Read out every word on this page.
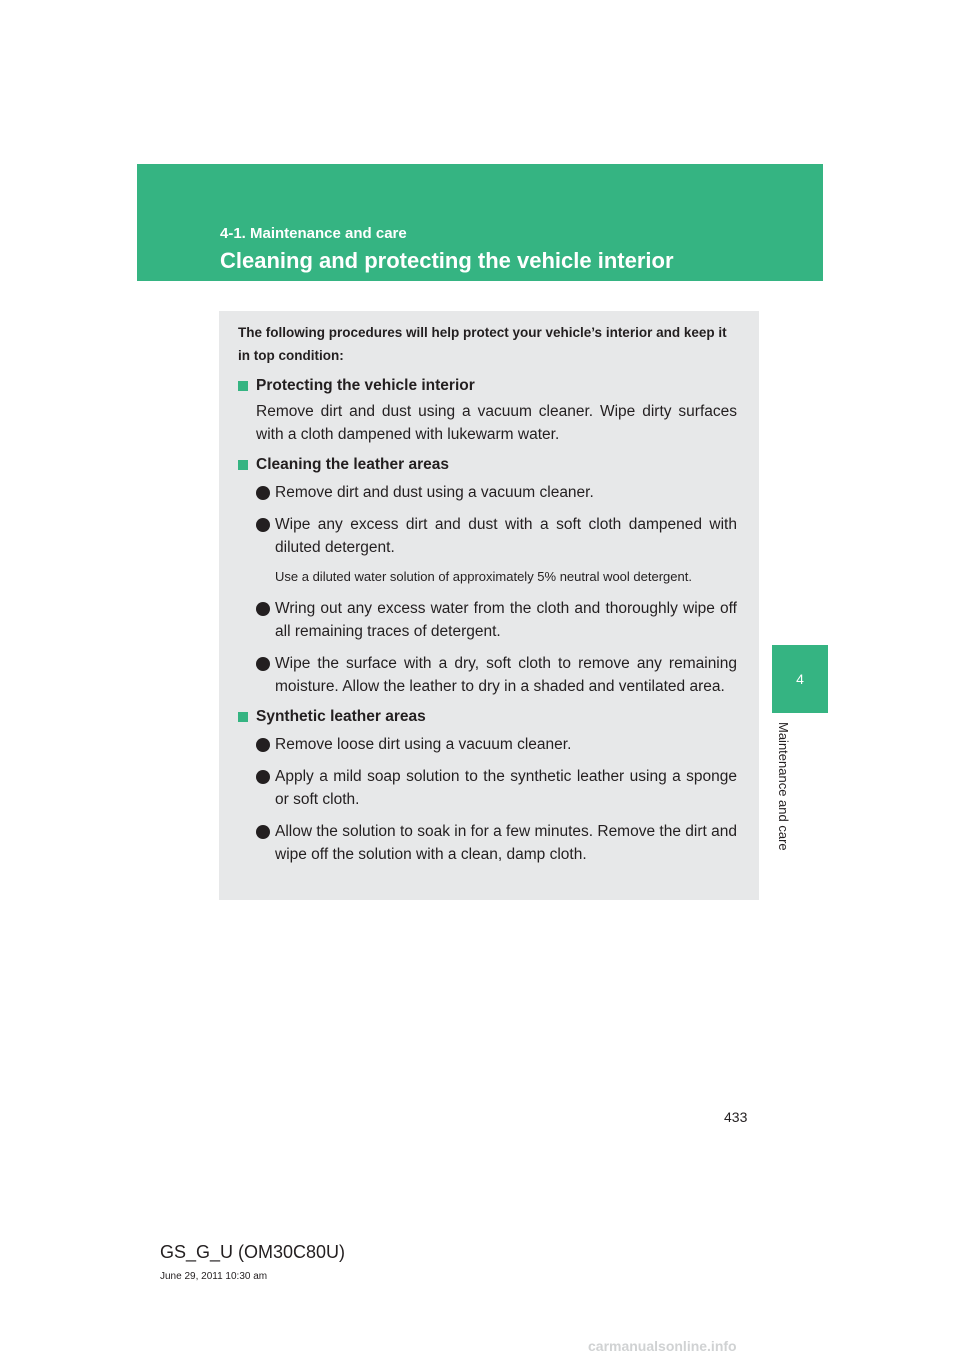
4-1. Maintenance and care
Cleaning and protecting the vehicle interior
4
Maintenance and care

The following procedures will help protect your vehicle’s interior and keep it in top condition:

Protecting the vehicle interior

Remove dirt and dust using a vacuum cleaner. Wipe dirty surfaces with a cloth dampened with lukewarm water.

Cleaning the leather areas
Remove dirt and dust using a vacuum cleaner.
Wipe any excess dirt and dust with a soft cloth dampened with diluted detergent.

Use a diluted water solution of approximately 5% neutral wool detergent.

Wring out any excess water from the cloth and thoroughly wipe off all remaining traces of detergent.
Wipe the surface with a dry, soft cloth to remove any remaining moisture. Allow the leather to dry in a shaded and ventilated area.
Synthetic leather areas
Remove loose dirt using a vacuum cleaner.
Apply a mild soap solution to the synthetic leather using a sponge or soft cloth.
Allow the solution to soak in for a few minutes. Remove the dirt and wipe off the solution with a clean, damp cloth.
433
GS_G_U (OM30C80U)
June 29, 2011 10:30 am
carmanualsonline.info
